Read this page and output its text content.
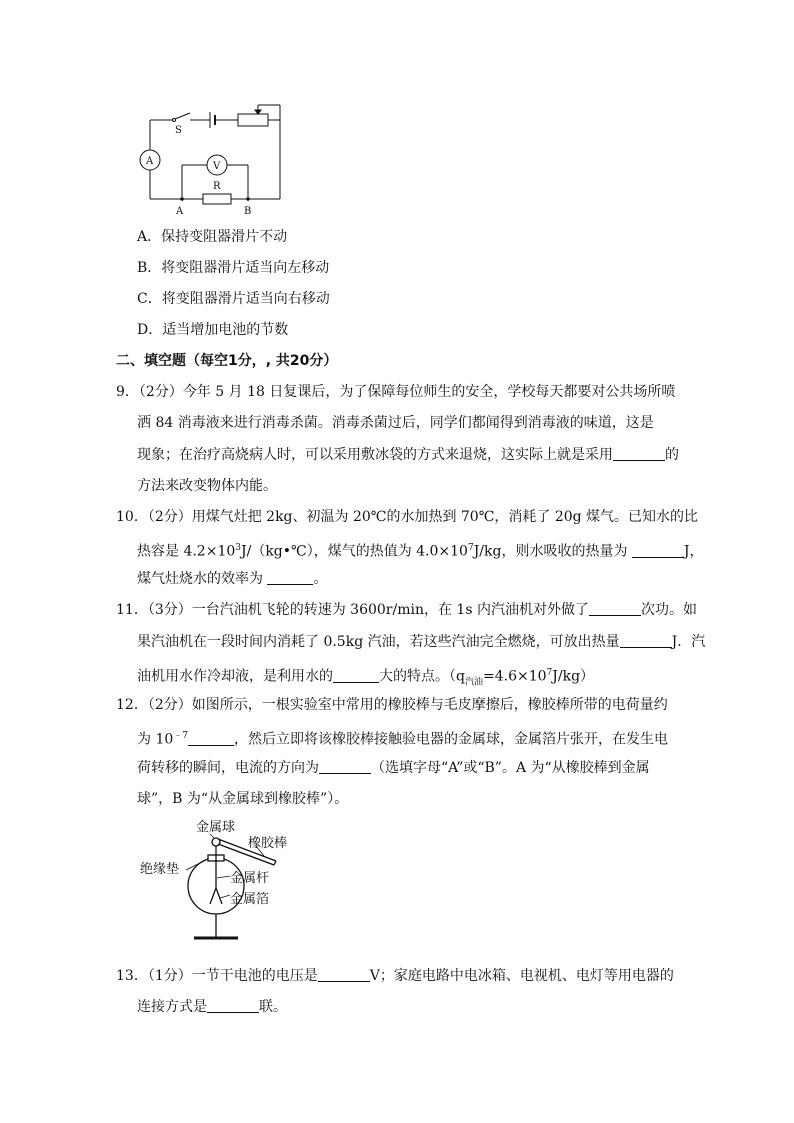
S
A	V
R
A	B
A．保持变阻器滑片不动
B．将变阻器滑片适当向左移动
C．将变阻器滑片适当向右移动
D．适当增加电池的节数
二、填空题（每空1分，, 共20分）
9．（2分）今年 5 月 18 日复课后，为了保障每位师生的安全，学校每天都要对公共场所喷
洒 84 消毒液来进行消毒杀菌。消毒杀菌过后，同学们都闻得到消毒液的味道，这是
现象；在治疗高烧病人时，可以采用敷冰袋的方式来退烧，这实际上就是采用	的
方法来改变物体内能。
10．（2分）用煤气灶把 2kg、初温为 20℃的水加热到 70℃，消耗了 20g 煤气。已知水的比
热容是 $4.2\times 10^3J/(kg•℃)$，煤气的热值为 $4.0\times 10^7J/kg$，则水吸收的热量为	J，
煤气灶烧水的效率为	。
11．（3分）一台汽油机飞轮的转速为 3600r/min，在 1s 内汽油机对外做了	次功。如
果汽油机在一段时间内消耗了 0.5kg 汽油，若这些汽油完全燃烧，可放出热量	J．汽
油机用水作冷却液，是利用水的	大的特点。$(q_{汽油}=4.6\times 10^7J/kg)$
12．（2分）如图所示，一根实验室中常用的橡胶棒与毛皮摩擦后，橡胶棒所带的电荷量约
为 $10^{﹣7}$	，然后立即将该橡胶棒接触验电器的金属球，金属箔片张开，在发生电
荷转移的瞬间，电流的方向为	（选填字母“A”或“B”。A 为“从橡胶棒到金属
球”，B 为“从金属球到橡胶棒”）。
金属球
橡胶棒
绝缘垫
金属杆
金属箔
13．（1分）一节干电池的电压是	V；家庭电路中电冰箱、电视机、电灯等用电器的
连接方式是	联。
